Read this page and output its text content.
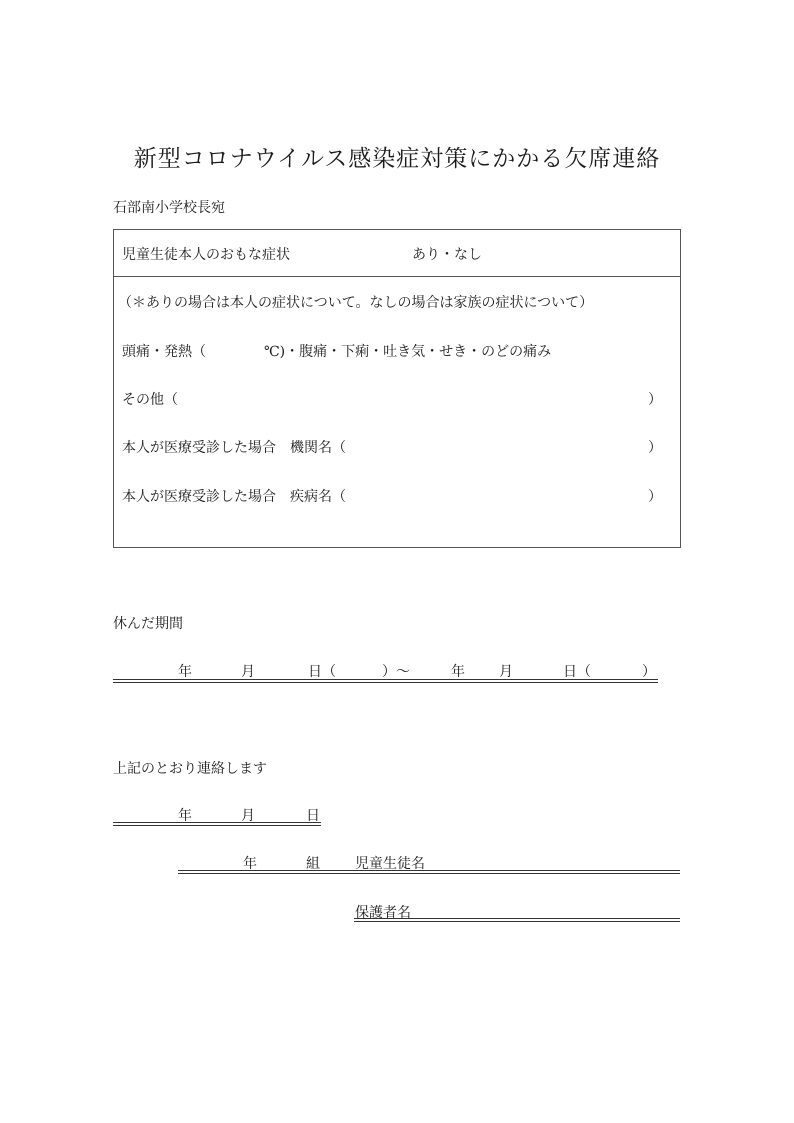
新型コロナウイルス感染症対策にかかる欠席連絡
石部南小学校長宛
児童生徒本人のおもな症状	あり・なし
（＊ありの場合は本人の症状について。なしの場合は家族の症状について）
頭痛・発熱（	℃)・腹痛・下痢・吐き気・せき・のどの痛み
その他（	）
本人が医療受診した場合　機関名（	）
本人が医療受診した場合　疾病名（	）
休んだ期間
年	月	日（	）～	年 月	日（	）
上記のとおり連絡します
年	月	日
年	組	児童生徒名
保護者名
